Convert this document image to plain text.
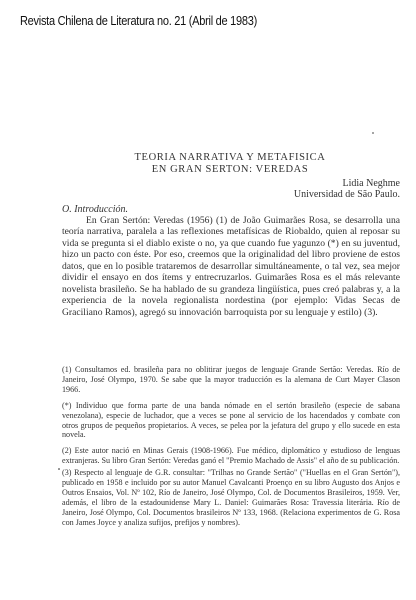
Revista Chilena de Literatura no. 21 (Abril de 1983)
TEORIA NARRATIVA Y METAFISICA
EN GRAN SERTON: VEREDAS
Lidia Neghme
Universidad de São Paulo.
O. Introducción.

En Gran Sertón: Veredas (1956) (1) de João Guimarães Rosa, se desarrolla una teoría narrativa, paralela a las reflexiones metafísicas de Riobaldo, quien al reposar su vida se pregunta si el diablo existe o no, ya que cuando fue yagunzo (*) en su juventud, hizo un pacto con éste. Por eso, creemos que la originalidad del libro proviene de estos datos, que en lo posible trataremos de desarrollar simultáneamente, o tal vez, sea mejor dividir el ensayo en dos ítems y entrecruzarlos. Guimarães Rosa es el más relevante novelista brasileño. Se ha hablado de su grandeza lingüística, pues creó palabras y, a la experiencia de la novela regionalista nordestina (por ejemplo: Vidas Secas de Graciliano Ramos), agregó su innovación barroquista por su lenguaje y estilo) (3).

(1) Consultamos ed. brasileña para no oblitirar juegos de lenguaje Grande Sertão: Veredas. Río de Janeiro, José Olympo, 1970. Se sabe que la mayor traducción es la alemana de Curt Mayer Clason 1966.

(*) Individuo que forma parte de una banda nómade en el sertón brasileño (especie de sabana venezolana), especie de luchador, que a veces se pone al servicio de los hacendados y combate con otros grupos de pequeños propietarios. A veces, se pelea por la jefatura del grupo y ello sucede en esta novela.

(2) Este autor nació en Minas Gerais (1908-1966). Fue médico, diplomático y estudioso de lenguas extranjeras. Su libro Gran Sertón: Veredas ganó el "Premio Machado de Assis" el año de su publicación.

(3) Respecto al lenguaje de G.R. consultar: "Trilhas no Grande Sertão" ("Huellas en el Gran Sertón"), publicado en 1958 e incluido por su autor Manuel Cavalcanti Proenço en su libro Augusto dos Anjos e Outros Ensaios, Vol. Nº 102, Río de Janeiro, José Olympo, Col. de Documentos Brasileiros, 1959. Ver, además, el libro de la estadounidense Mary L. Daniel: Guimarães Rosa: Travessia literária. Río de Janeiro, José Olympo, Col. Documentos brasileiros Nº 133, 1968. (Relaciona experimentos de G. Rosa con James Joyce y analiza sufijos, prefijos y nombres).
